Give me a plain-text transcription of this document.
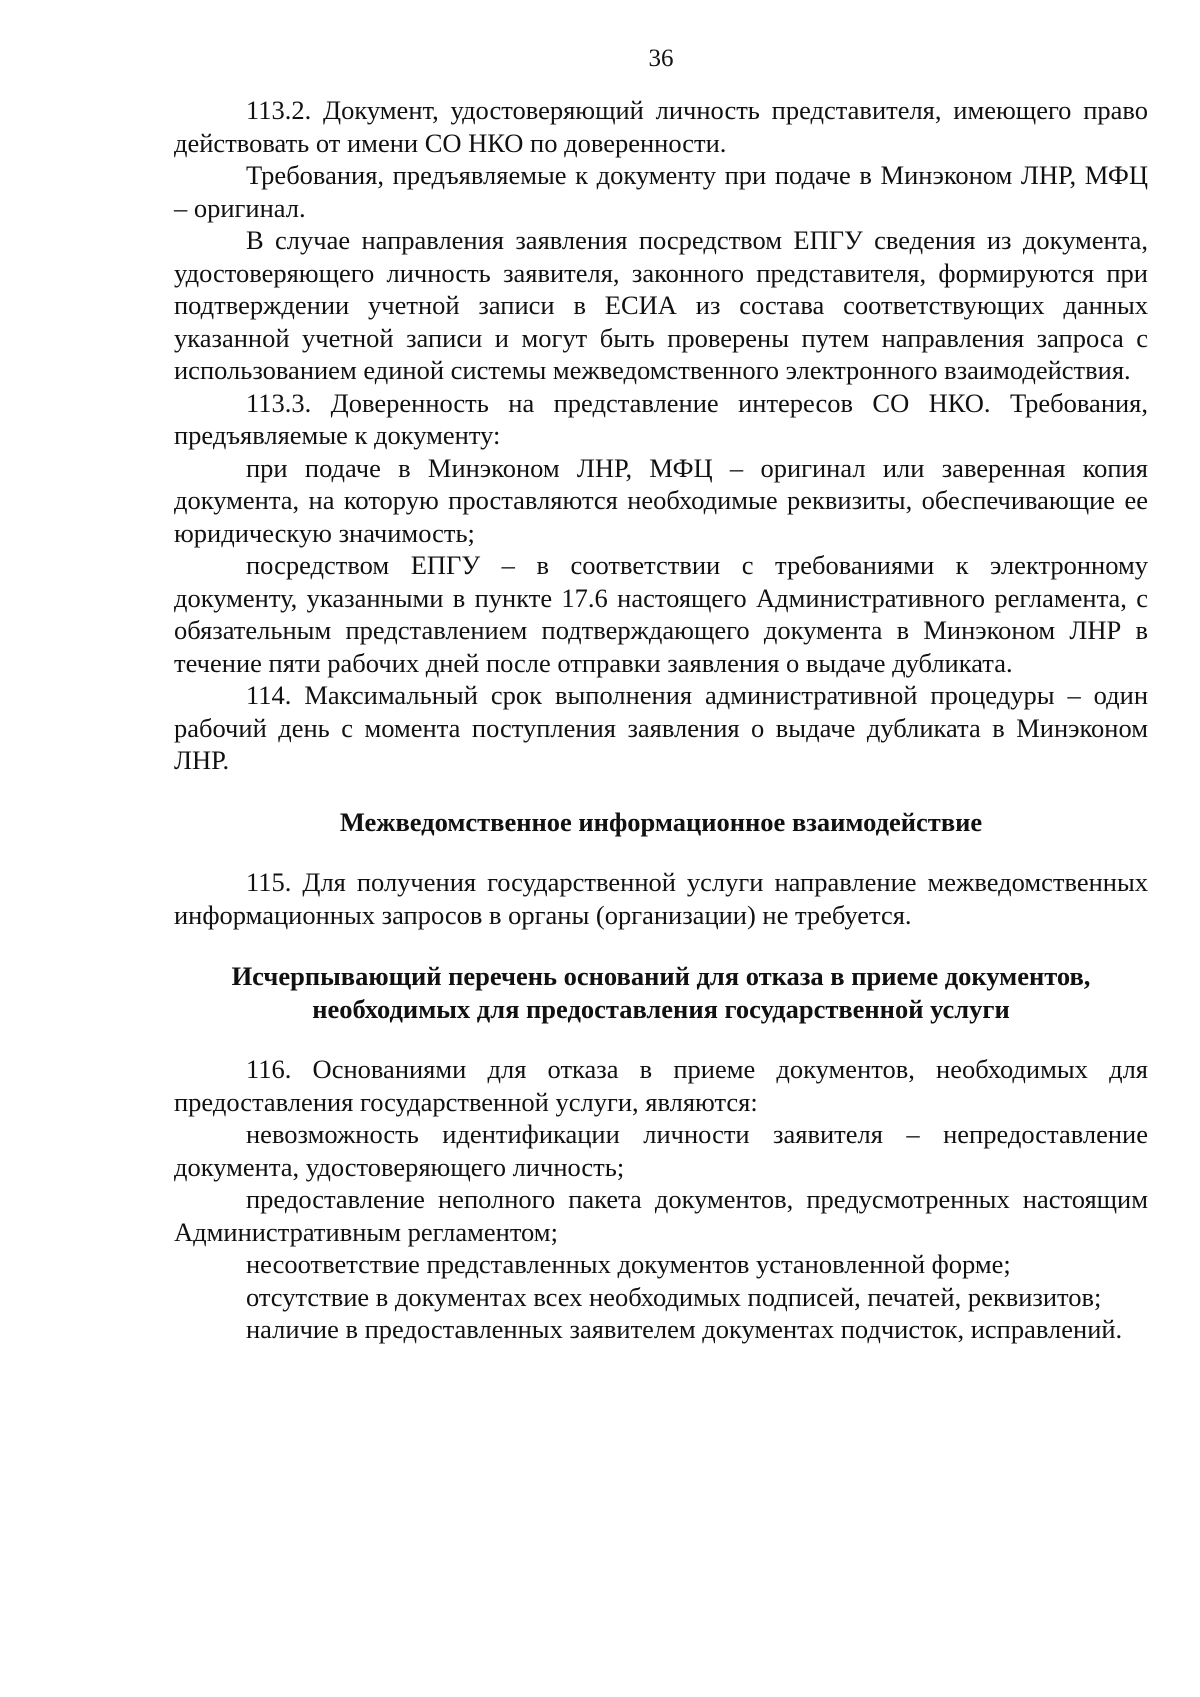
36

113.2. Документ, удостоверяющий личность представителя, имеющего право действовать от имени СО НКО по доверенности.

Требования, предъявляемые к документу при подаче в Минэконом ЛНР, МФЦ – оригинал.

В случае направления заявления посредством ЕПГУ сведения из документа, удостоверяющего личность заявителя, законного представителя, формируются при подтверждении учетной записи в ЕСИА из состава соответствующих данных указанной учетной записи и могут быть проверены путем направления запроса с использованием единой системы межведомственного электронного взаимодействия.

113.3. Доверенность на представление интересов СО НКО. Требования, предъявляемые к документу:

при подаче в Минэконом ЛНР, МФЦ – оригинал или заверенная копия документа, на которую проставляются необходимые реквизиты, обеспечивающие ее юридическую значимость;

посредством ЕПГУ – в соответствии с требованиями к электронному документу, указанными в пункте 17.6 настоящего Административного регламента, с обязательным представлением подтверждающего документа в Минэконом ЛНР в течение пяти рабочих дней после отправки заявления о выдаче дубликата.

114. Максимальный срок выполнения административной процедуры – один рабочий день с момента поступления заявления о выдаче дубликата в Минэконом ЛНР.

Межведомственное информационное взаимодействие

115. Для получения государственной услуги направление межведомственных информационных запросов в органы (организации) не требуется.

Исчерпывающий перечень оснований для отказа в приеме документов,
необходимых для предоставления государственной услуги

116. Основаниями для отказа в приеме документов, необходимых для предоставления государственной услуги, являются:

невозможность идентификации личности заявителя – непредоставление документа, удостоверяющего личность;

предоставление неполного пакета документов, предусмотренных настоящим Административным регламентом;

несоответствие представленных документов установленной форме;

отсутствие в документах всех необходимых подписей, печатей, реквизитов;

наличие в предоставленных заявителем документах подчисток, исправлений.
